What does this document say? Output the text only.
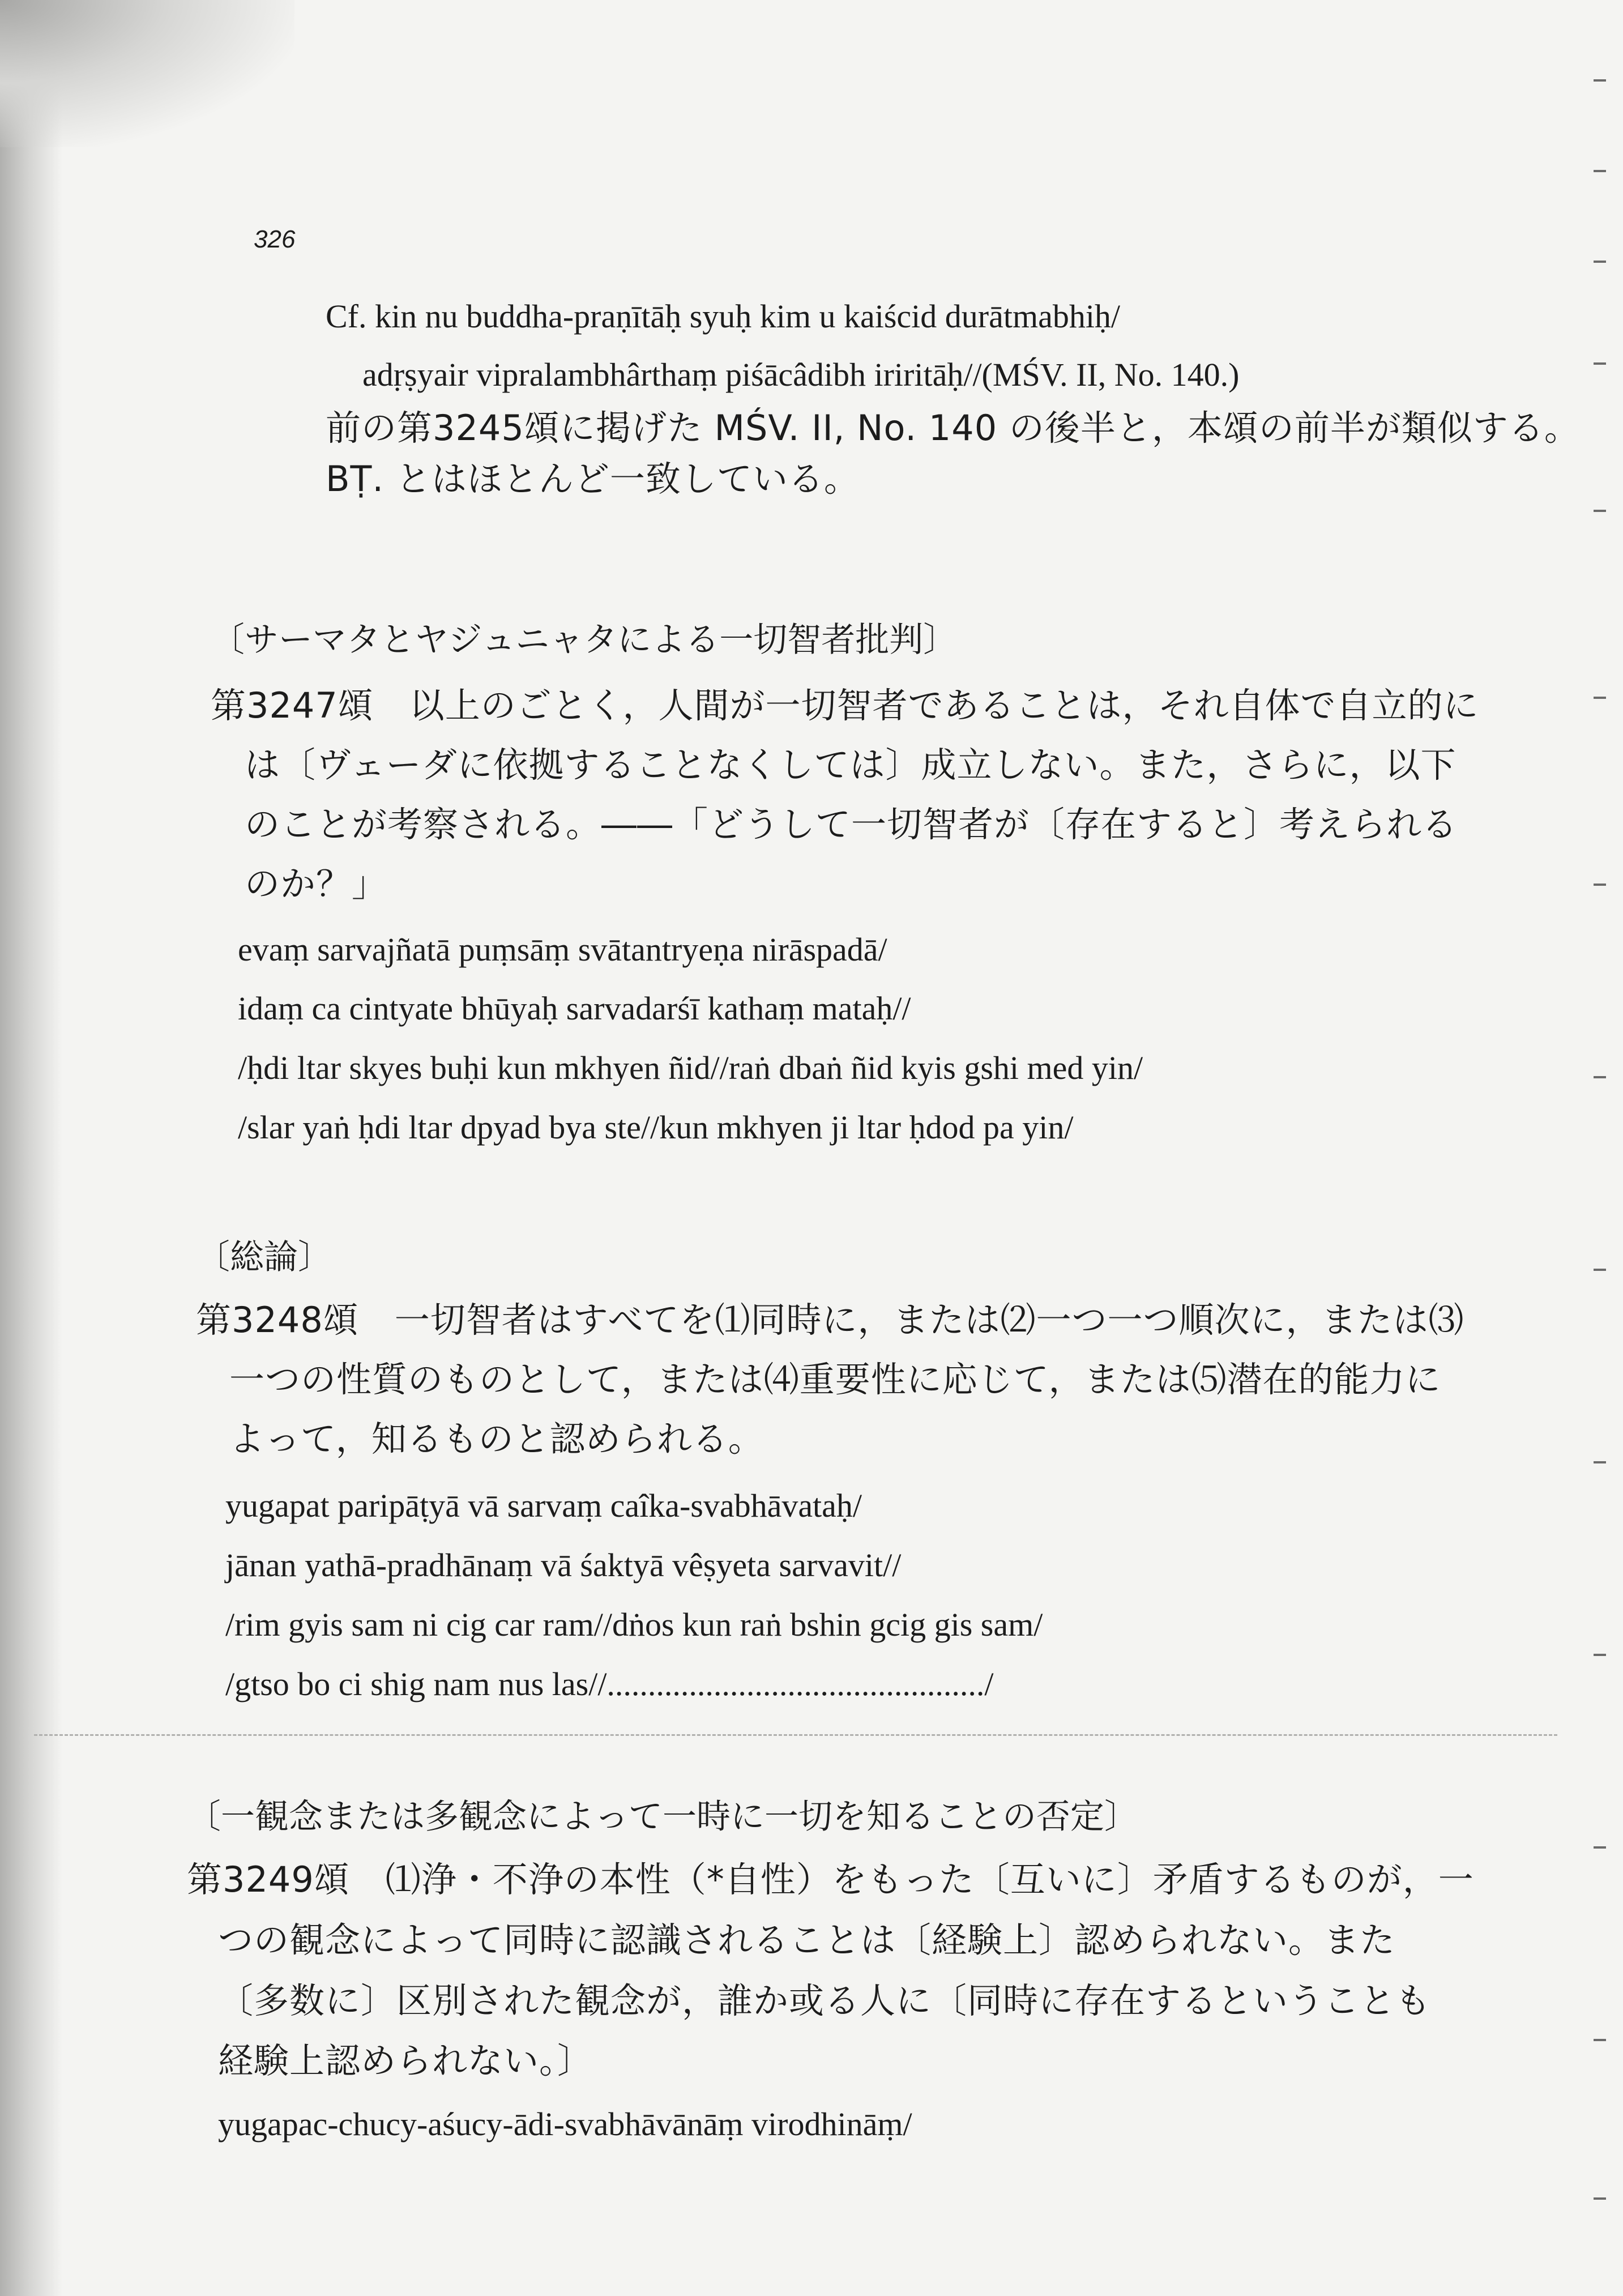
326
Cf. kin nu buddha-praṇītāḥ syuḥ kim u kaiścid durātmabhiḥ/
adṛṣyair vipralambhârthaṃ piśācâdibh iriritāḥ//(MŚV. II, No. 140.)
前の第3245頌に掲げた MŚV. II, No. 140 の後半と，本頌の前半が類似する。
BṬ. とはほとんど一致している。
〔サーマタとヤジュニャタによる一切智者批判〕
第3247頌　以上のごとく，人間が一切智者であることは，それ自体で自立的に
は〔ヴェーダに依拠することなくしては〕成立しない。また，さらに，以下
のことが考察される。――「どうして一切智者が〔存在すると〕考えられる
のか？」
evaṃ sarvajñatā puṃsāṃ svātantryeṇa nirāspadā/
idaṃ ca cintyate bhūyaḥ sarvadarśī kathaṃ mataḥ//
/ḥdi ltar skyes buḥi kun mkhyen ñid//raṅ dbaṅ ñid kyis gshi med yin/
/slar yaṅ ḥdi ltar dpyad bya ste//kun mkhyen ji ltar ḥdod pa yin/
〔総論〕
第3248頌　一切智者はすべてを⑴同時に，または⑵一つ一つ順次に，または⑶
一つの性質のものとして，または⑷重要性に応じて，または⑸潜在的能力に
よって，知るものと認められる。
yugapat paripāṭyā vā sarvaṃ caîka-svabhāvataḥ/
jānan yathā-pradhānaṃ vā śaktyā vêṣyeta sarvavit//
/rim gyis sam ni cig car ram//dṅos kun raṅ bshin gcig gis sam/
/gtso bo ci shig nam nus las//............................................../
〔一観念または多観念によって一時に一切を知ることの否定〕
第3249頌　⑴浄・不浄の本性（*自性）をもった〔互いに〕矛盾するものが，一
つの観念によって同時に認識されることは〔経験上〕認められない。また
〔多数に〕区別された観念が，誰か或る人に〔同時に存在するということも
経験上認められない。〕
yugapac-chucy-aśucy-ādi-svabhāvānāṃ virodhināṃ/
